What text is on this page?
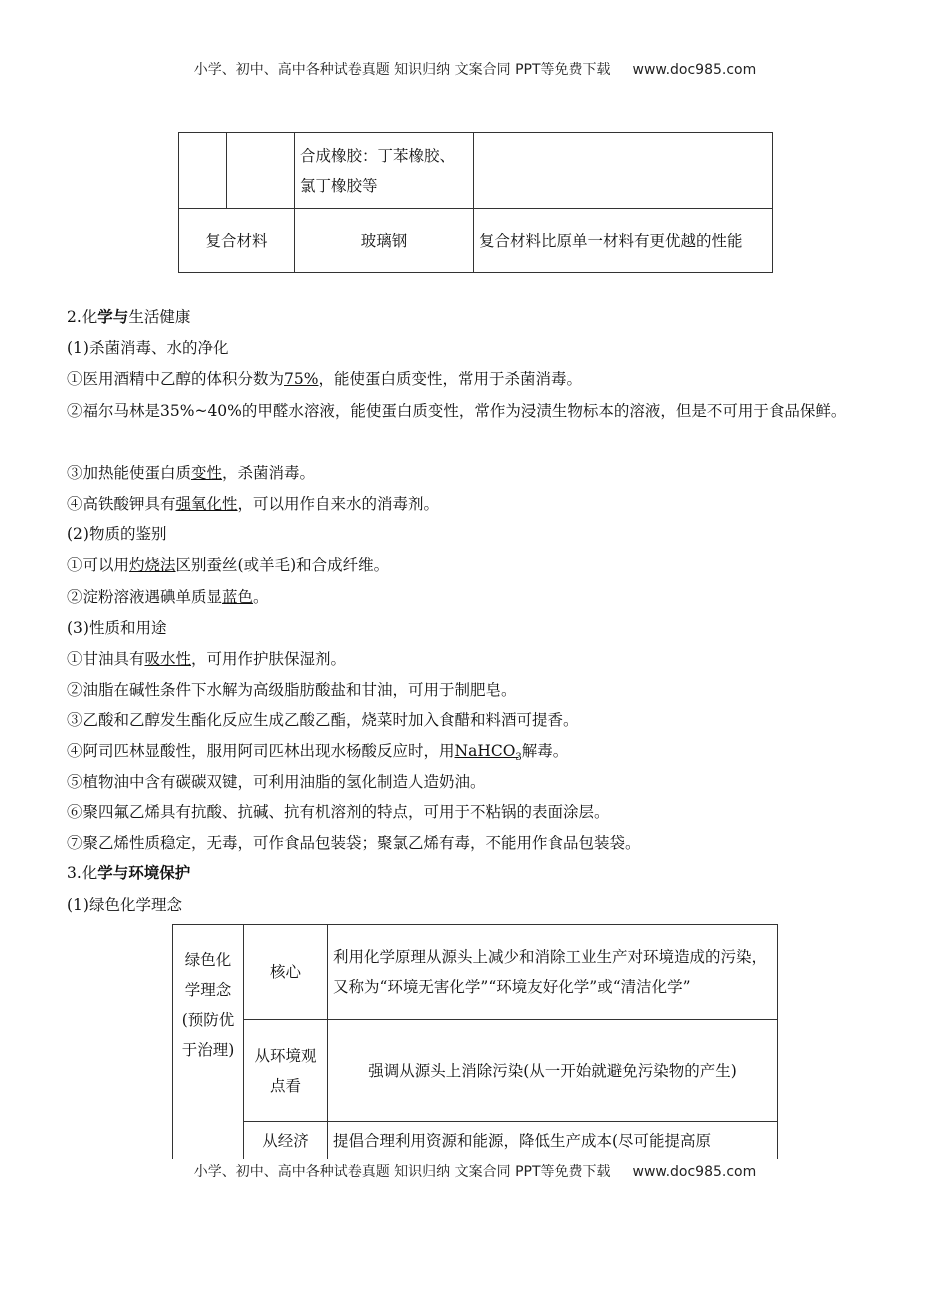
小学、初中、高中各种试卷真题 知识归纳 文案合同 PPT等免费下载 www.doc985.com
		合成橡胶：丁苯橡胶、氯丁橡胶等	
复合材料		玻璃钢	复合材料比原单一材料有更优越的性能
2.化学与生活健康
(1)杀菌消毒、水的净化
①医用酒精中乙醇的体积分数为75%，能使蛋白质变性，常用于杀菌消毒。
②福尔马林是35%~40%的甲醛水溶液，能使蛋白质变性，常作为浸渍生物标本的溶液，但是不可用于食品保鲜。
③加热能使蛋白质变性，杀菌消毒。
④高铁酸钾具有强氧化性，可以用作自来水的消毒剂。
(2)物质的鉴别
①可以用灼烧法区别蚕丝(或羊毛)和合成纤维。
②淀粉溶液遇碘单质显蓝色。
(3)性质和用途
①甘油具有吸水性，可用作护肤保湿剂。
②油脂在碱性条件下水解为高级脂肪酸盐和甘油，可用于制肥皂。
③乙酸和乙醇发生酯化反应生成乙酸乙酯，烧菜时加入食醋和料酒可提香。
④阿司匹林显酸性，服用阿司匹林出现水杨酸反应时，用NaHCO$_3$解毒。
⑤植物油中含有碳碳双键，可利用油脂的氢化制造人造奶油。
⑥聚四氟乙烯具有抗酸、抗碱、抗有机溶剂的特点，可用于不粘锅的表面涂层。
⑦聚乙烯性质稳定，无毒，可作食品包装袋；聚氯乙烯有毒，不能用作食品包装袋。
3.化学与环境保护
(1)绿色化学理念
绿色化学理念(预防优于治理)	核心	利用化学原理从源头上减少和消除工业生产对环境造成的污染，又称为“环境无害化学”“环境友好化学”或“清洁化学”
	从环境观点看	强调从源头上消除污染(从一开始就避免污染物的产生)
	从经济	提倡合理利用资源和能源，降低生产成本(尽可能提高原
小学、初中、高中各种试卷真题 知识归纳 文案合同 PPT等免费下载 www.doc985.com
